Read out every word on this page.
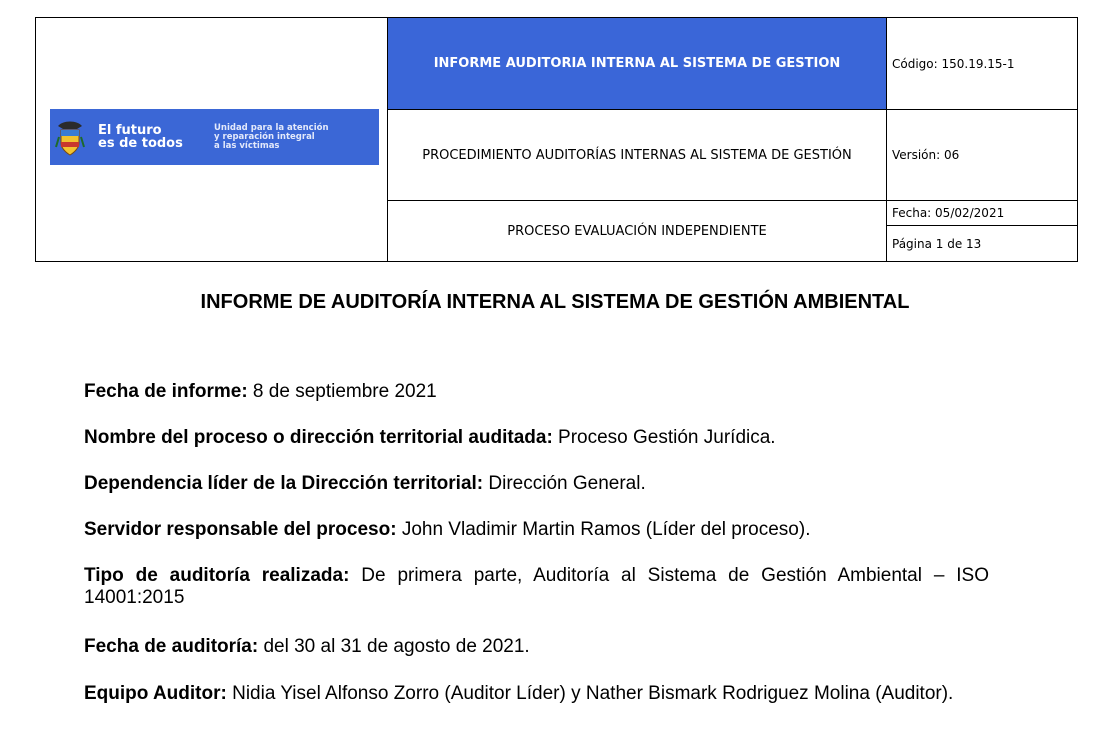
El futuro
es de todos
Unidad para la atención
y reparación integral
a las víctimas
INFORME AUDITORIA INTERNA AL SISTEMA DE GESTION
PROCEDIMIENTO AUDITORÍAS INTERNAS AL SISTEMA DE GESTIÓN
PROCESO EVALUACIÓN INDEPENDIENTE
Código: 150.19.15-1
Versión: 06
Fecha: 05/02/2021
Página 1 de 13
INFORME DE AUDITORÍA INTERNA AL SISTEMA DE GESTIÓN AMBIENTAL
Fecha de informe: 8 de septiembre 2021
Nombre del proceso o dirección territorial auditada: Proceso Gestión Jurídica.
Dependencia líder de la Dirección territorial: Dirección General.
Servidor responsable del proceso: John Vladimir Martin Ramos (Líder del proceso).
Tipo de auditoría realizada: De primera parte, Auditoría al Sistema de Gestión Ambiental – ISO 14001:2015
Fecha de auditoría: del 30 al 31 de agosto de 2021.
Equipo Auditor: Nidia Yisel Alfonso Zorro (Auditor Líder) y Nather Bismark Rodriguez Molina (Auditor).
